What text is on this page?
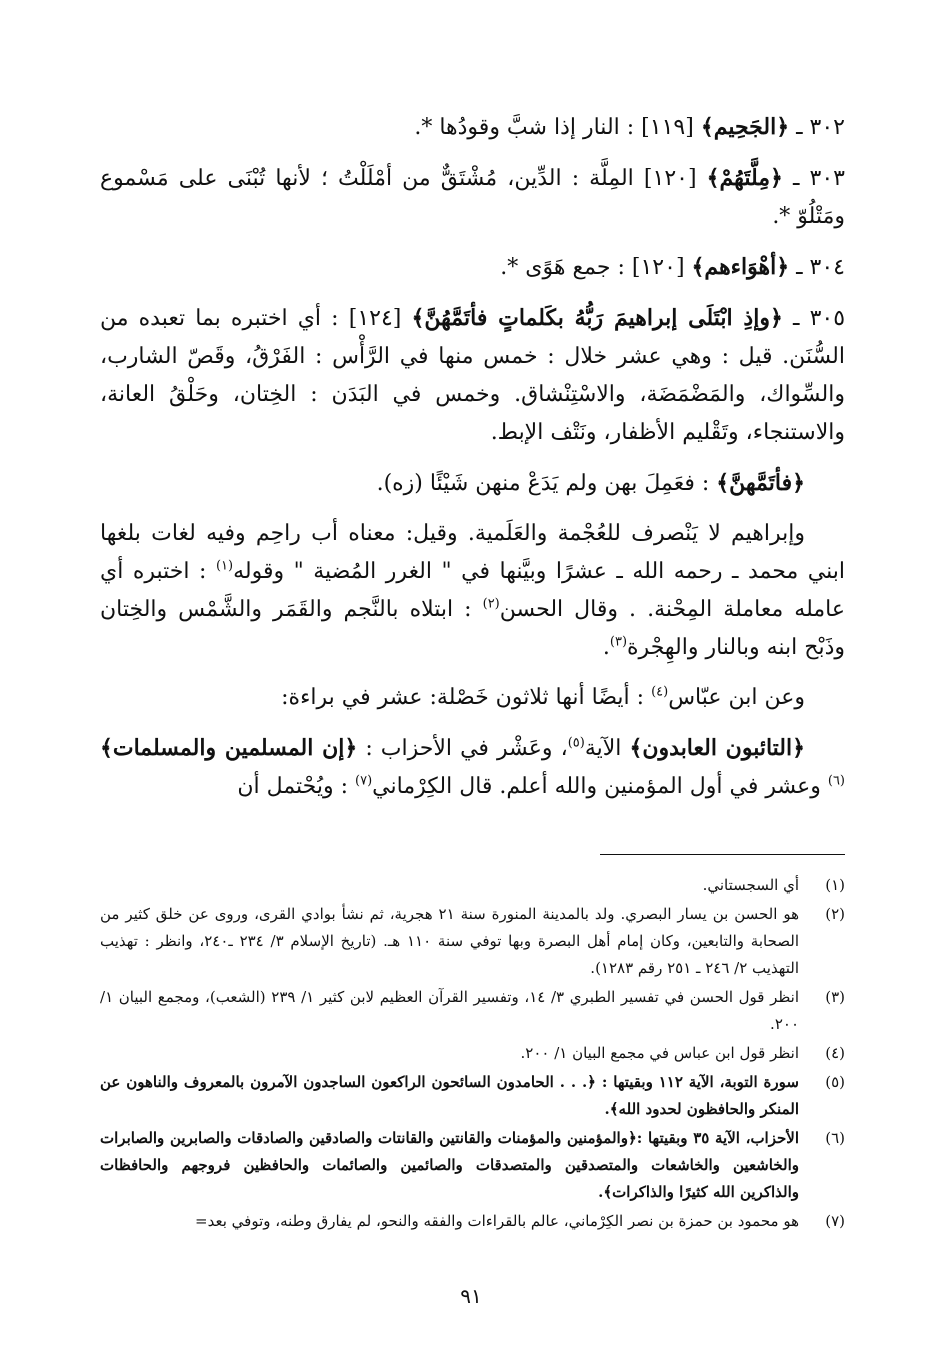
٣٠٢ ـ ﴿الجَحِيم﴾ [١١٩] : النار إذا شبَّ وقودُها *.

٣٠٣ ـ ﴿مِلَّتَهُمْ﴾ [١٢٠] المِلَّة : الدِّين، مُشْتَقٌّ من أمْلَلْتُ ؛ لأنها تُبْنَى على مَسْموع ومَتْلُوّ *.

٣٠٤ ـ ﴿أهْوَاءهم﴾ [١٢٠] : جمع هَوًى *.

٣٠٥ ـ ﴿وإذِ ابْتَلَى إبراهيمَ رَبُّهُ بكَلماتٍ فأتَمَّهُنَّ﴾ [١٢٤] : أي اختبره بما تعبده من السُّنَن. قيل : وهي عشر خلال : خمس منها في الرَّأْس : الفَرْقُ، وقَصّ الشارب، والسِّواك، والمَضْمَضَة، والاسْتِنْشاق. وخمس في البَدَن : الخِتان، وحَلْقُ العانة، والاستنجاء، وتَقْليم الأظفار، ونَتْف الإبط.

﴿فأتَمَّهنَّ﴾ : فعَمِلَ بهن ولم يَدَعْ منهن شَيْئًا (زه).

وإبراهيم لا يَنْصرف للعُجْمة والعَلَمية. وقيل: معناه أب راحِم وفيه لغات بلغها ابني محمد ـ رحمه الله ـ عشرًا وبيَّنها في " الغرر المُضية " وقوله$^{(١)}$ : اختبره أي عامله معاملة المِحْنة. . وقال الحسن$^{(٢)}$ : ابتلاه بالنَّجم والقَمَر والشَّمْس والخِتان وذَبْح ابنه وبالنار والهِجْرة$^{(٣)}$.

وعن ابن عبّاس$^{(٤)}$ : أيضًا أنها ثلاثون خَصْلة: عشر في براءة:

﴿التائبون العابدون﴾ الآية$^{(٥)}$، وعَشْر في الأحزاب : ﴿إن المسلمين والمسلمات﴾$^{(٦)}$ وعشر في أول المؤمنين والله أعلم. قال الكِرْماني$^{(٧)}$ : ويُحْتمل أن

(١)
أي السجستاني.
(٢)
هو الحسن بن يسار البصري. ولد بالمدينة المنورة سنة ٢١ هجرية، ثم نشأ بوادي القرى، وروى عن خلق كثير من الصحابة والتابعين، وكان إمام أهل البصرة وبها توفي سنة ١١٠ هـ. (تاريخ الإسلام ٣/ ٢٣٤ ـ٢٤٠، وانظر : تهذيب التهذيب ٢/ ٢٤٦ ـ ٢٥١ رقم ١٢٨٣).
(٣)
انظر قول الحسن في تفسير الطبري ٣/ ١٤، وتفسير القرآن العظيم لابن كثير ١/ ٢٣٩ (الشعب)، ومجمع البيان ١/ ٢٠٠.
(٤)
انظر قول ابن عباس في مجمع البيان ١/ ٢٠٠.
(٥)
سورة التوبة، الآية ١١٢ وبقيتها : ﴿. . . الحامدون السائحون الراكعون الساجدون الآمرون بالمعروف والناهون عن المنكر والحافظون لحدود الله﴾.
(٦)
الأحزاب، الآية ٣٥ وبقيتها :﴿والمؤمنين والمؤمنات والقانتين والقانتات والصادقين والصادقات والصابرين والصابرات والخاشعين والخاشعات والمتصدقين والمتصدقات والصائمين والصائمات والحافظين فروجهم والحافظات والذاكرين الله كثيرًا والذاكرات﴾.
(٧)
هو محمود بن حمزة بن نصر الكِرْماني، عالم بالقراءات والفقه والنحو، لم يفارق وطنه، وتوفي بعد=
٩١
